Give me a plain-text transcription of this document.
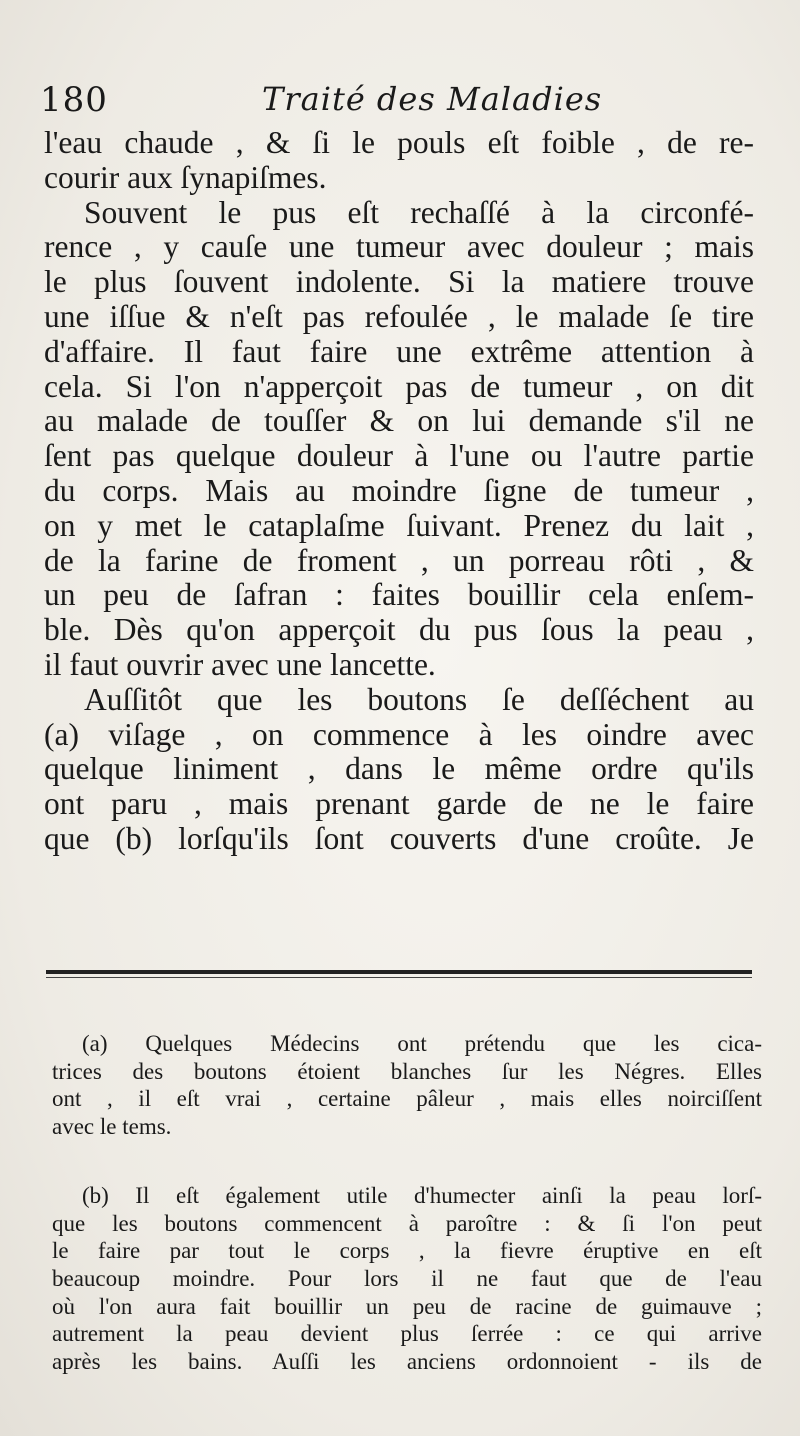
180	Traité des Maladies
l'eau chaude , & ſi le pouls eſt foible , de re-
courir aux ſynapiſmes.
Souvent le pus eſt rechaſſé à la circonfé-
rence , y cauſe une tumeur avec douleur ; mais
le plus ſouvent indolente. Si la matiere trouve
une iſſue & n'eſt pas refoulée , le malade ſe tire
d'affaire. Il faut faire une extrême attention à
cela. Si l'on n'apperçoit pas de tumeur , on dit
au malade de touſſer & on lui demande s'il ne
ſent pas quelque douleur à l'une ou l'autre partie
du corps. Mais au moindre ſigne de tumeur ,
on y met le cataplaſme ſuivant. Prenez du lait ,
de la farine de froment , un porreau rôti , &
un peu de ſafran : faites bouillir cela enſem-
ble. Dès qu'on apperçoit du pus ſous la peau ,
il faut ouvrir avec une lancette.
Auſſitôt que les boutons ſe deſſéchent au
(a) viſage , on commence à les oindre avec
quelque liniment , dans le même ordre qu'ils
ont paru , mais prenant garde de ne le faire
que (b) lorſqu'ils ſont couverts d'une croûte. Je
(a) Quelques Médecins ont prétendu que les cica-
trices des boutons étoient blanches ſur les Négres. Elles
ont , il eſt vrai , certaine pâleur , mais elles noirciſſent
avec le tems.
(b) Il eſt également utile d'humecter ainſi la peau lorſ-
que les boutons commencent à paroître : & ſi l'on peut
le faire par tout le corps , la fievre éruptive en eſt
beaucoup moindre. Pour lors il ne faut que de l'eau
où l'on aura fait bouillir un peu de racine de guimauve ;
autrement la peau devient plus ſerrée : ce qui arrive
après les bains. Auſſi les anciens ordonnoient - ils de
